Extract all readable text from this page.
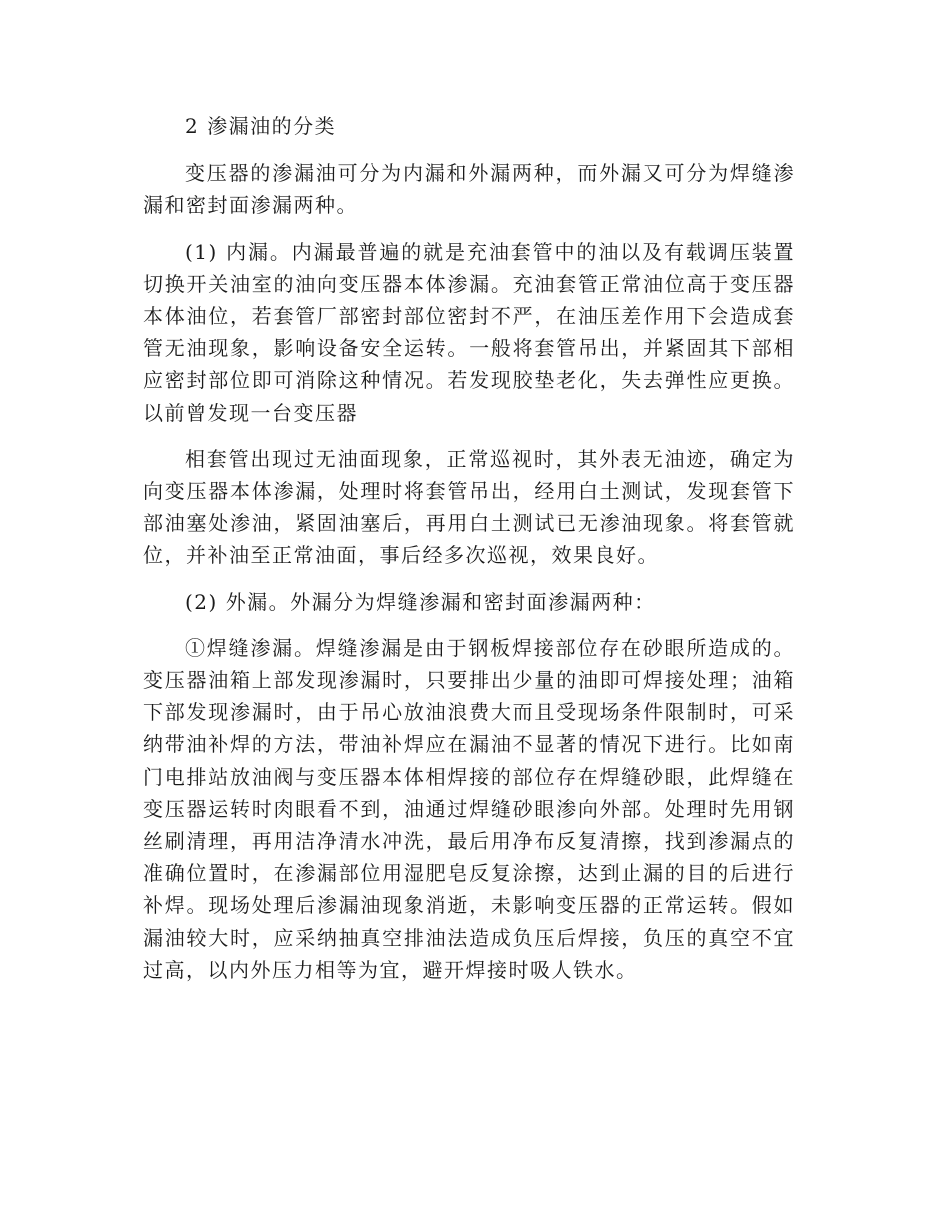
2 渗漏油的分类

变压器的渗漏油可分为内漏和外漏两种，而外漏又可分为焊缝渗漏和密封面渗漏两种。

(1) 内漏。内漏最普遍的就是充油套管中的油以及有载调压装置切换开关油室的油向变压器本体渗漏。充油套管正常油位高于变压器本体油位，若套管厂部密封部位密封不严，在油压差作用下会造成套管无油现象，影响设备安全运转。一般将套管吊出，并紧固其下部相应密封部位即可消除这种情况。若发现胶垫老化，失去弹性应更换。以前曾发现一台变压器

相套管出现过无油面现象，正常巡视时，其外表无油迹，确定为向变压器本体渗漏，处理时将套管吊出，经用白土测试，发现套管下部油塞处渗油，紧固油塞后，再用白土测试已无渗油现象。将套管就位，并补油至正常油面，事后经多次巡视，效果良好。

(2) 外漏。外漏分为焊缝渗漏和密封面渗漏两种：

①焊缝渗漏。焊缝渗漏是由于钢板焊接部位存在砂眼所造成的。变压器油箱上部发现渗漏时，只要排出少量的油即可焊接处理；油箱下部发现渗漏时，由于吊心放油浪费大而且受现场条件限制时，可采纳带油补焊的方法，带油补焊应在漏油不显著的情况下进行。比如南门电排站放油阀与变压器本体相焊接的部位存在焊缝砂眼，此焊缝在变压器运转时肉眼看不到，油通过焊缝砂眼渗向外部。处理时先用钢丝刷清理，再用洁净清水冲洗，最后用净布反复清擦，找到渗漏点的准确位置时，在渗漏部位用湿肥皂反复涂擦，达到止漏的目的后进行补焊。现场处理后渗漏油现象消逝，未影响变压器的正常运转。假如漏油较大时，应采纳抽真空排油法造成负压后焊接，负压的真空不宜过高，以内外压力相等为宜，避开焊接时吸人铁水。
